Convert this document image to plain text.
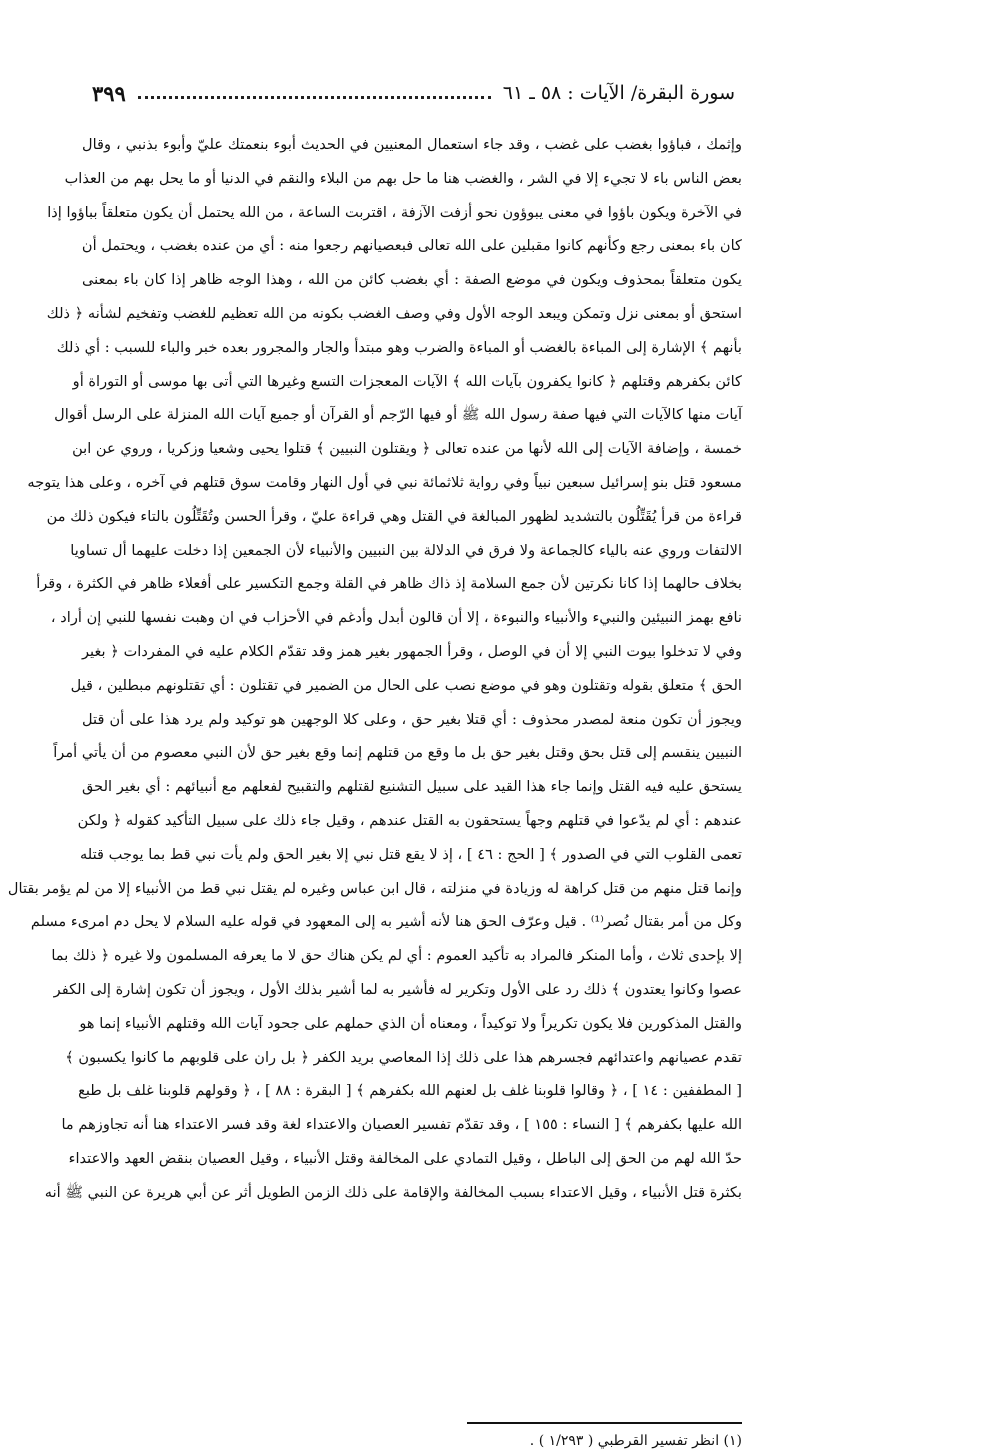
سورة البقرة/ الآيات : ٥٨ ـ ٦١
٣٩٩
وإثمك ، فباؤوا بغضب على غضب ، وقد جاء استعمال المعنيين في الحديث أبوء بنعمتك عليّ وأبوء بذنبي ، وقال
بعض الناس باء لا تجيء إلا في الشر ، والغضب هنا ما حل بهم من البلاء والنقم في الدنيا أو ما يحل بهم من العذاب
في الآخرة ويكون باؤوا في معنى يبوؤون نحو أزفت الآزفة ، اقتربت الساعة ، من الله يحتمل أن يكون متعلقاً بباؤوا إذا
كان باء بمعنى رجع وكأنهم كانوا مقبلين على الله تعالى فبعصيانهم رجعوا منه : أي من عنده بغضب ، ويحتمل أن
يكون متعلقاً بمحذوف ويكون في موضع الصفة : أي بغضب كائن من الله ، وهذا الوجه ظاهر إذا كان باء بمعنى
استحق أو بمعنى نزل وتمكن ويبعد الوجه الأول وفي وصف الغضب بكونه من الله تعظيم للغضب وتفخيم لشأنه ﴿ ذلك
بأنهم ﴾ الإشارة إلى المباءة بالغضب أو المباءة والضرب وهو مبتدأ والجار والمجرور بعده خبر والباء للسبب : أي ذلك
كائن بكفرهم وقتلهم ﴿ كانوا يكفرون بآيات الله ﴾ الآيات المعجزات التسع وغيرها التي أتى بها موسى أو التوراة أو
آيات منها كالآيات التي فيها صفة رسول الله ﷺ أو فيها الرّجم أو القرآن أو جميع آيات الله المنزلة على الرسل أقوال
خمسة ، وإضافة الآيات إلى الله لأنها من عنده تعالى ﴿ ويقتلون النبيين ﴾ قتلوا يحيى وشعيا وزكريا ، وروي عن ابن
مسعود قتل بنو إسرائيل سبعين نبياً وفي رواية ثلاثمائة نبي في أول النهار وقامت سوق قتلهم في آخره ، وعلى هذا يتوجه
قراءة من قرأ يُقَتِّلُون بالتشديد لظهور المبالغة في القتل وهي قراءة عليّ ، وقرأ الحسن وتُقَتِّلُون بالتاء فيكون ذلك من
الالتفات وروي عنه بالياء كالجماعة ولا فرق في الدلالة بين النبيين والأنبياء لأن الجمعين إذا دخلت عليهما أل تساويا
بخلاف حالهما إذا كانا نكرتين لأن جمع السلامة إذ ذاك ظاهر في القلة وجمع التكسير على أفعلاء ظاهر في الكثرة ، وقرأ
نافع بهمز النبيئين والنبيء والأنبياء والنبوءة ، إلا أن قالون أبدل وأدغم في الأحزاب في ان وهبت نفسها للنبي إن أراد ،
وفي لا تدخلوا بيوت النبي إلا أن في الوصل ، وقرأ الجمهور بغير همز وقد تقدّم الكلام عليه في المفردات ﴿ بغير
الحق ﴾ متعلق بقوله وتقتلون وهو في موضع نصب على الحال من الضمير في تقتلون : أي تقتلونهم مبطلين ، قيل
ويجوز أن تكون منعة لمصدر محذوف : أي قتلا بغير حق ، وعلى كلا الوجهين هو توكيد ولم يرد هذا على أن قتل
النبيين ينقسم إلى قتل بحق وقتل بغير حق بل ما وقع من قتلهم إنما وقع بغير حق لأن النبي معصوم من أن يأتي أمراً
يستحق عليه فيه القتل وإنما جاء هذا القيد على سبيل التشنيع لقتلهم والتقبيح لفعلهم مع أنبيائهم : أي بغير الحق
عندهم : أي لم يدّعوا في قتلهم وجهاً يستحقون به القتل عندهم ، وقيل جاء ذلك على سبيل التأكيد كقوله ﴿ ولكن
تعمى القلوب التي في الصدور ﴾ [ الحج : ٤٦ ] ، إذ لا يقع قتل نبي إلا بغير الحق ولم يأت نبي قط بما يوجب قتله
وإنما قتل منهم من قتل كراهة له وزيادة في منزلته ، قال ابن عباس وغيره لم يقتل نبي قط من الأنبياء إلا من لم يؤمر بقتال
وكل من أمر بقتال نُصر⁽¹⁾ . قيل وعرّف الحق هنا لأنه أشير به إلى المعهود في قوله عليه السلام لا يحل دم امرىء مسلم
إلا بإحدى ثلاث ، وأما المنكر فالمراد به تأكيد العموم : أي لم يكن هناك حق لا ما يعرفه المسلمون ولا غيره ﴿ ذلك بما
عصوا وكانوا يعتدون ﴾ ذلك رد على الأول وتكرير له فأشير به لما أشير بذلك الأول ، ويجوز أن تكون إشارة إلى الكفر
والقتل المذكورين فلا يكون تكريراً ولا توكيداً ، ومعناه أن الذي حملهم على جحود آيات الله وقتلهم الأنبياء إنما هو
تقدم عصيانهم واعتدائهم فجسرهم هذا على ذلك إذا المعاصي بريد الكفر ﴿ بل ران على قلوبهم ما كانوا يكسبون ﴾
[ المطففين : ١٤ ] ، ﴿ وقالوا قلوبنا غلف بل لعنهم الله بكفرهم ﴾ [ البقرة : ٨٨ ] ، ﴿ وقولهم قلوبنا غلف بل طبع
الله عليها بكفرهم ﴾ [ النساء : ١٥٥ ] ، وقد تقدّم تفسير العصيان والاعتداء لغة وقد فسر الاعتداء هنا أنه تجاوزهم ما
حدّ الله لهم من الحق إلى الباطل ، وقيل التمادي على المخالفة وقتل الأنبياء ، وقيل العصيان بنقض العهد والاعتداء
بكثرة قتل الأنبياء ، وقيل الاعتداء بسبب المخالفة والإقامة على ذلك الزمن الطويل أثر عن أبي هريرة عن النبي ﷺ أنه
(١) انظر تفسير القرطبي ( ١/٢٩٣ ) .
